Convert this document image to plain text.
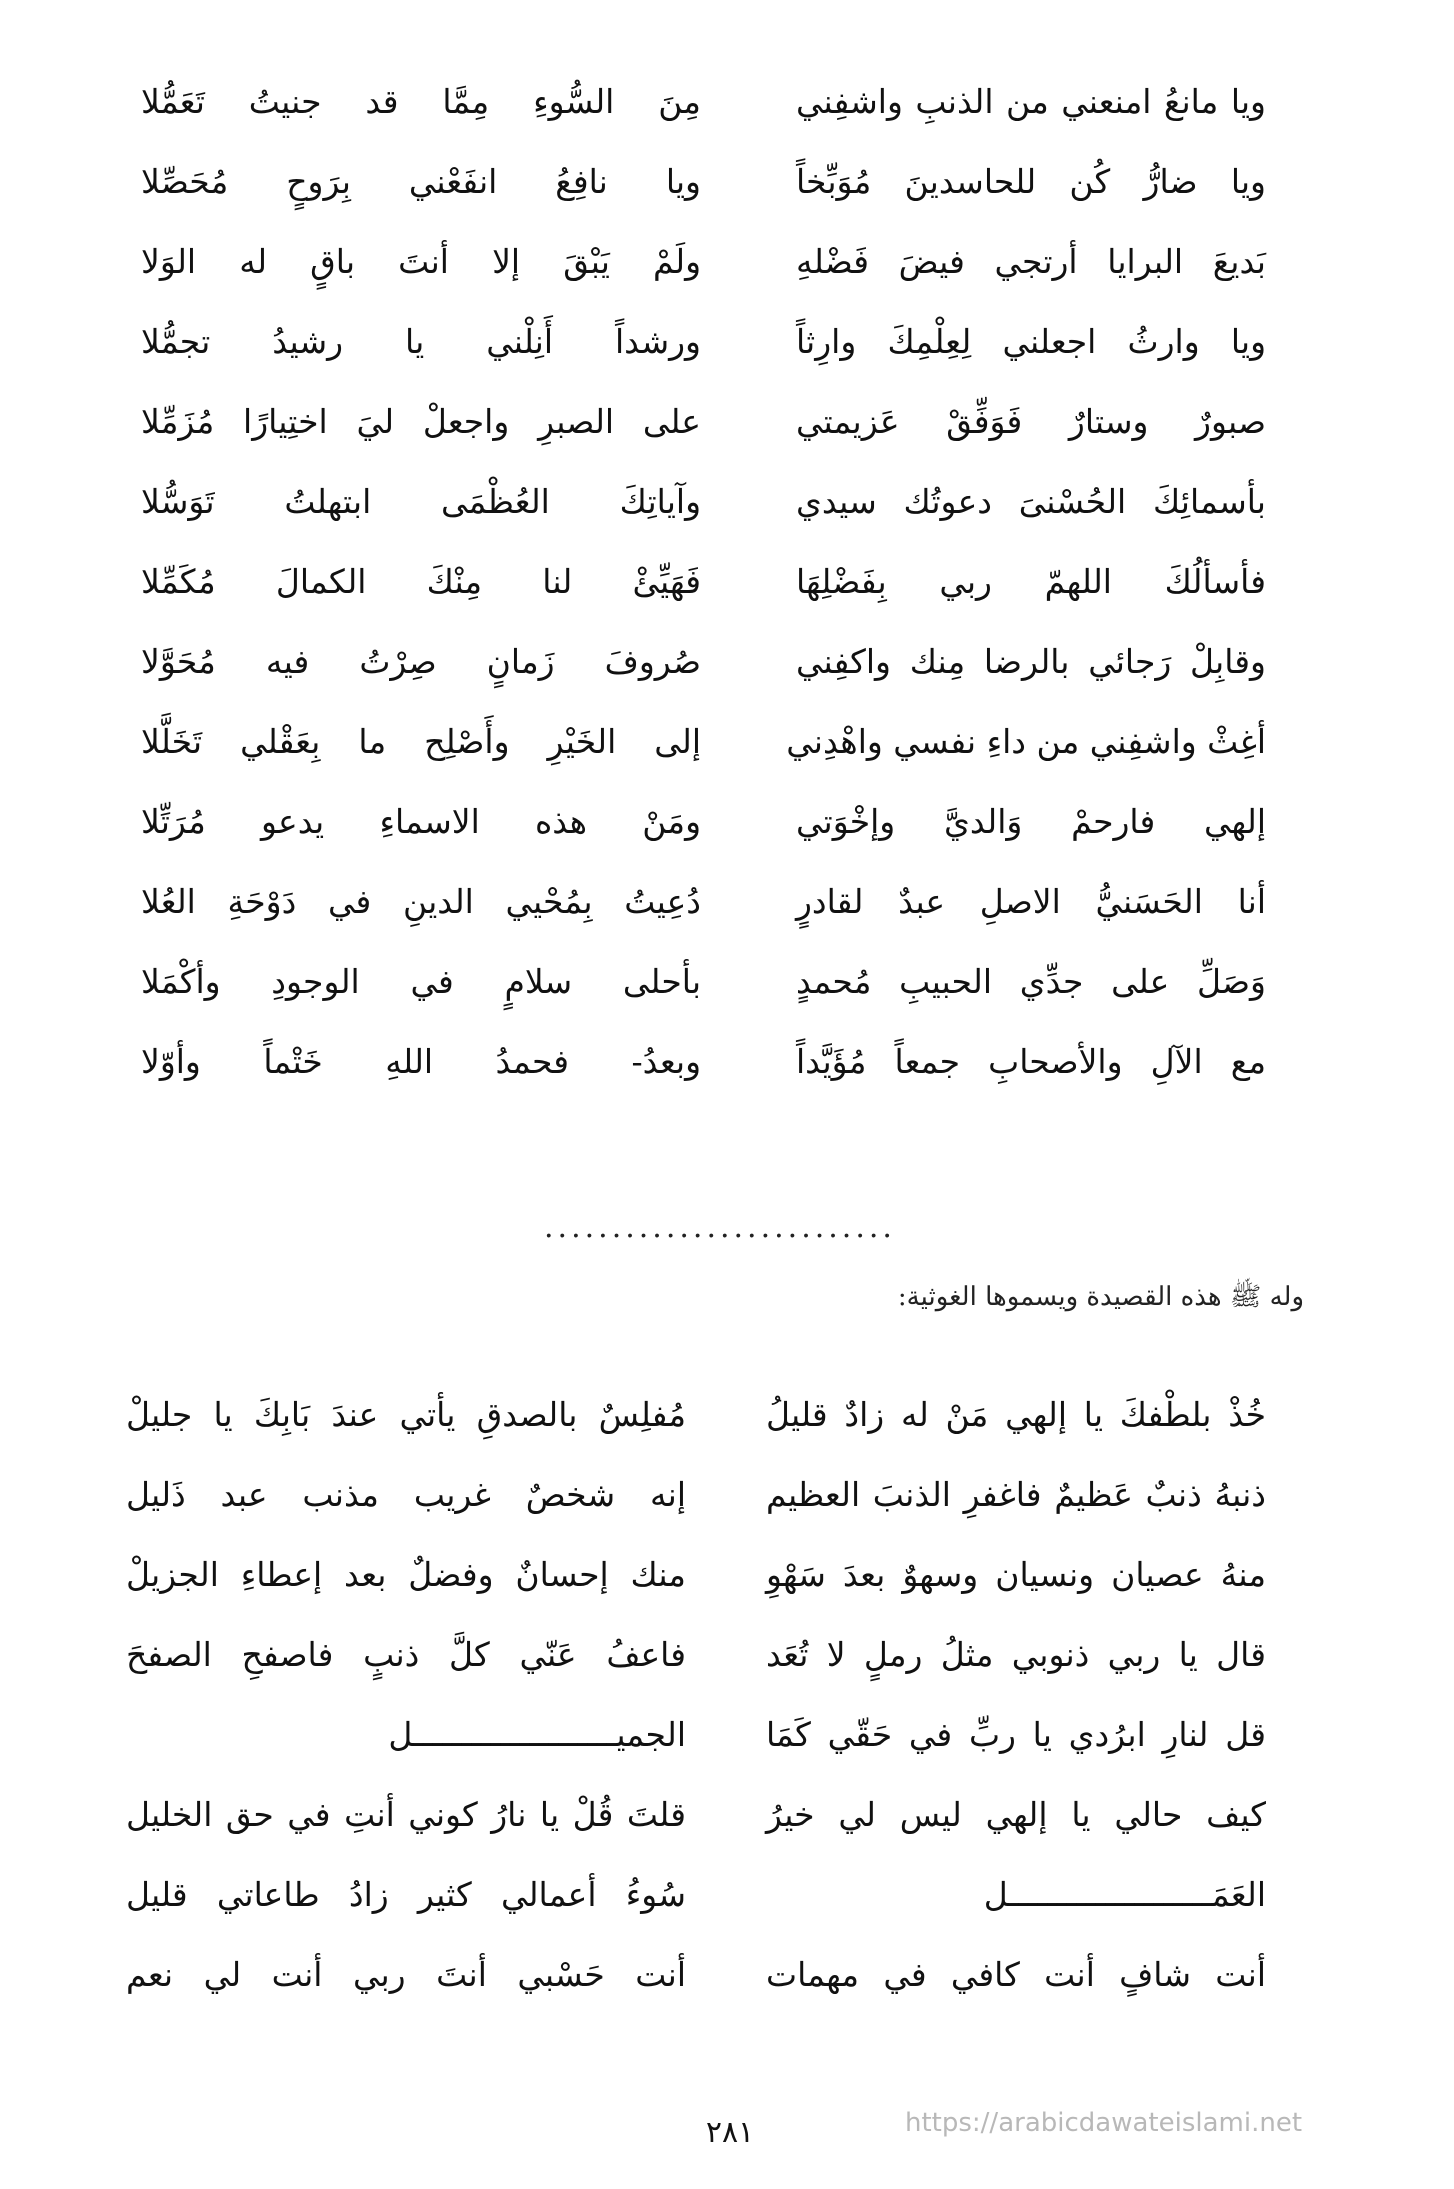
ويا مانعُ امنعني من الذنبِ واشفِني
مِنَ السُّوءِ مِمَّا قد جنيتُ تَعَمُّلا
ويا ضارُّ كُن للحاسدينَ مُوَبِّخاً
ويا نافِعُ انفَعْني بِرَوحٍ مُحَصِّلا
بَديعَ البرايا أرتجي فيضَ فَضْلهِ
ولَمْ يَبْقَ إلا أنتَ باقٍ له الوَلا
ويا وارثُ اجعلني لِعِلْمِكَ وارِثاً
ورشداً أَنِلْني يا رشيدُ تجمُّلا
صبورٌ وستارٌ فَوَفِّقْ عَزيمتي
على الصبرِ واجعلْ ليَ اختِيارًا مُزَمِّلا
بأسمائِكَ الحُسْنىَ دعوتُك سيدي
وآياتِكَ العُظْمَى ابتهلتُ تَوَسُّلا
فأسألُكَ اللهمّ ربي بِفَضْلِهَا
فَهَيِّئْ لنا مِنْكَ الكمالَ مُكَمِّلا
وقابِلْ رَجائي بالرضا مِنك واكفِني
صُروفَ زَمانٍ صِرْتُ فيه مُحَوَّلا
أغِثْ واشفِني من داءِ نفسي واهْدِني
إلى الخَيْرِ وأَصْلِح ما بِعَقْلي تَخَلَّلا
إلهي فارحمْ وَالديَّ وإخْوَتي
ومَنْ هذه الاسماءِ يدعو مُرَتِّلا
أنا الحَسَنيُّ الاصلِ عبدٌ لقادرٍ
دُعِيتُ بِمُحْيي الدينِ في دَوْحَةِ العُلا
وَصَلِّ على جدِّي الحبيبِ مُحمدٍ
بأحلى سلامٍ في الوجودِ وأكْمَلا
مع الآلِ والأصحابِ جمعاً مُؤَيَّداً
وبعدُ- فحمدُ اللهِ خَتْماً وأوّلا
..........................
وله ﷺ هذه القصيدة ويسموها الغوثية:
خُذْ بلطْفكَ يا إلهي مَنْ له زادٌ قليلُ
مُفلِسٌ بالصدقِ يأتي عندَ بَابِكَ يا جليلْ
ذنبهُ ذنبٌ عَظيمٌ فاغفرِ الذنبَ العظيم
إنه شخصٌ غريب مذنب عبد ذَليل
منهُ عصيان ونسيان وسهوٌ بعدَ سَهْوِ
منك إحسانٌ وفضلٌ بعد إعطاءِ الجزيلْ
قال يا ربي ذنوبي مثلُ رملٍ لا تُعَد
فاعفُ عَنّي كلَّ ذنبٍ فاصفحِ الصفحَ
قل لنارِ ابرُدي يا ربِّ في حَقّي كَمَا
الجميـــــــــــــــــــــل
كيف حالي يا إلهي ليس لي خيرُ
قلتَ قُلْ يا نارُ كوني أنتِ في حق الخليل
العَمَـــــــــــــــــــــل
سُوءُ أعمالي كثير زادُ طاعاتي قليل
أنت شافٍ أنت كافي في مهمات
أنت حَسْبي أنتَ ربي أنت لي نعم
٢٨١	https://arabicdawateislami.net
